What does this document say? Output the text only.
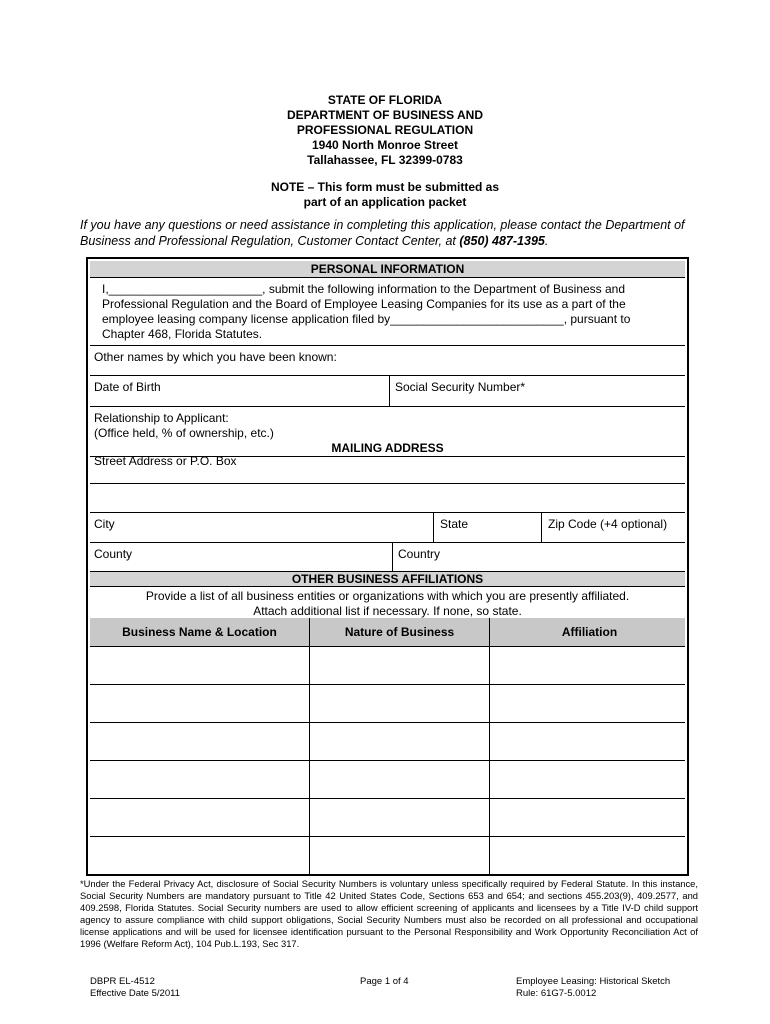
STATE OF FLORIDA
DEPARTMENT OF BUSINESS AND
PROFESSIONAL REGULATION
1940 North Monroe Street
Tallahassee, FL 32399-0783
NOTE – This form must be submitted as
part of an application packet
If you have any questions or need assistance in completing this application, please contact the Department of Business and Professional Regulation, Customer Contact Center, at (850) 487-1395.
PERSONAL INFORMATION
I,_______________________, submit the following information to the Department of Business and Professional Regulation and the Board of Employee Leasing Companies for its use as a part of the employee leasing company license application filed by__________________________, pursuant to Chapter 468, Florida Statutes.
Other names by which you have been known:
Date of Birth	Social Security Number*
Relationship to Applicant:
(Office held, % of ownership, etc.)
MAILING ADDRESS
Street Address or P.O. Box
City	State	Zip Code (+4 optional)
County	Country
OTHER BUSINESS AFFILIATIONS
Provide a list of all business entities or organizations with which you are presently affiliated.
Attach additional list if necessary. If none, so state.
Business Name & Location	Nature of Business	Affiliation
*Under the Federal Privacy Act, disclosure of Social Security Numbers is voluntary unless specifically required by Federal Statute. In this instance, Social Security Numbers are mandatory pursuant to Title 42 United States Code, Sections 653 and 654; and sections 455.203(9), 409.2577, and 409.2598, Florida Statutes. Social Security numbers are used to allow efficient screening of applicants and licensees by a Title IV-D child support agency to assure compliance with child support obligations, Social Security Numbers must also be recorded on all professional and occupational license applications and will be used for licensee identification pursuant to the Personal Responsibility and Work Opportunity Reconciliation Act of 1996 (Welfare Reform Act), 104 Pub.L.193, Sec 317.
DBPR EL-4512
Effective Date 5/2011
Page 1 of 4	Employee Leasing: Historical Sketch
Rule: 61G7-5.0012
